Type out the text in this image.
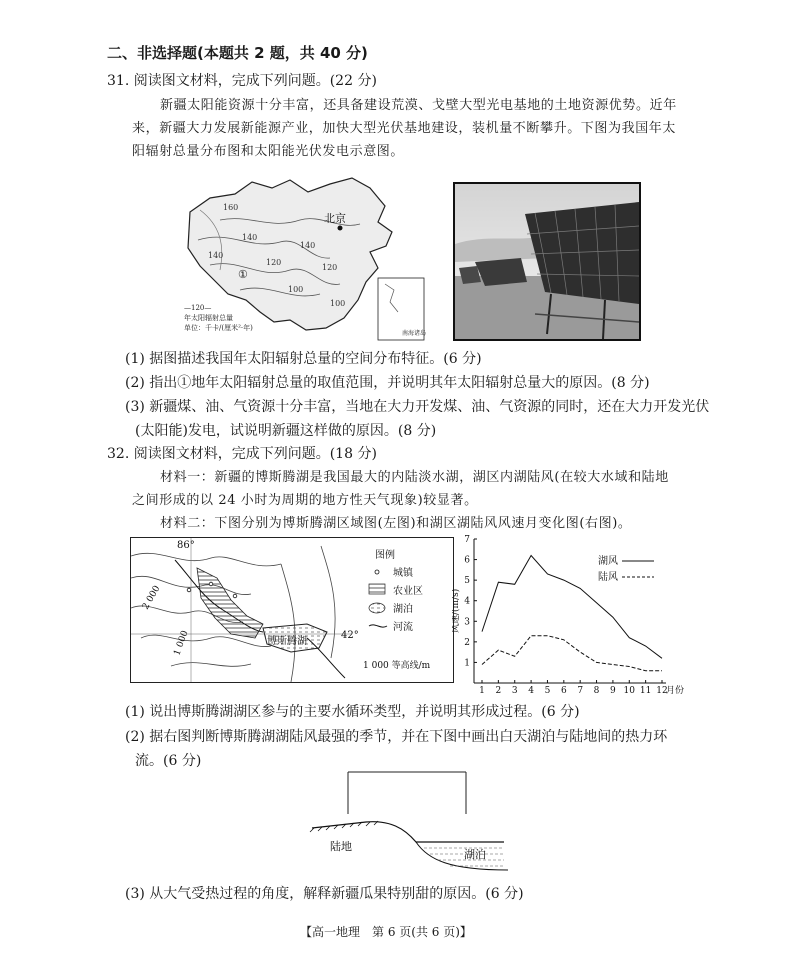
二、非选择题(本题共 2 题，共 40 分)
31. 阅读图文材料，完成下列问题。(22 分)
新疆太阳能资源十分丰富，还具备建设荒漠、戈壁大型光电基地的土地资源优势。近年
来，新疆大力发展新能源产业，加快大型光伏基地建设，装机量不断攀升。下图为我国年太
阳辐射总量分布图和太阳能光伏发电示意图。
160
140
120
100
140
140
120
100
北京
①
南海诸岛
—120—
年太阳辐射总量
单位：千卡/(厘米²·年)
(1) 据图描述我国年太阳辐射总量的空间分布特征。(6 分)
(2) 指出①地年太阳辐射总量的取值范围，并说明其年太阳辐射总量大的原因。(8 分)
(3) 新疆煤、油、气资源十分丰富，当地在大力开发煤、油、气资源的同时，还在大力开发光伏
(太阳能)发电，试说明新疆这样做的原因。(8 分)
32. 阅读图文材料，完成下列问题。(18 分)
材料一：新疆的博斯腾湖是我国最大的内陆淡水湖，湖区内湖陆风(在较大水域和陆地
之间形成的以 24 小时为周期的地方性天气现象)较显著。
材料二：下图分别为博斯腾湖区域图(左图)和湖区湖陆风风速月变化图(右图)。
86°
42°
博斯腾湖
2 000
1 000
图例
城镇
农业区
湖泊
河流
1 000 等高线/m	1
2
3
4
5
6
7
1 2 3 4 5 6 7 8 9 10 11 12
月份
风速/(m/s)
湖风
陆风
(1) 说出博斯腾湖湖区参与的主要水循环类型，并说明其形成过程。(6 分)
(2) 据右图判断博斯腾湖湖陆风最强的季节，并在下图中画出白天湖泊与陆地间的热力环
流。(6 分)
陆地
湖泊
(3) 从大气受热过程的角度，解释新疆瓜果特别甜的原因。(6 分)
【高一地理　第 6 页(共 6 页)】
